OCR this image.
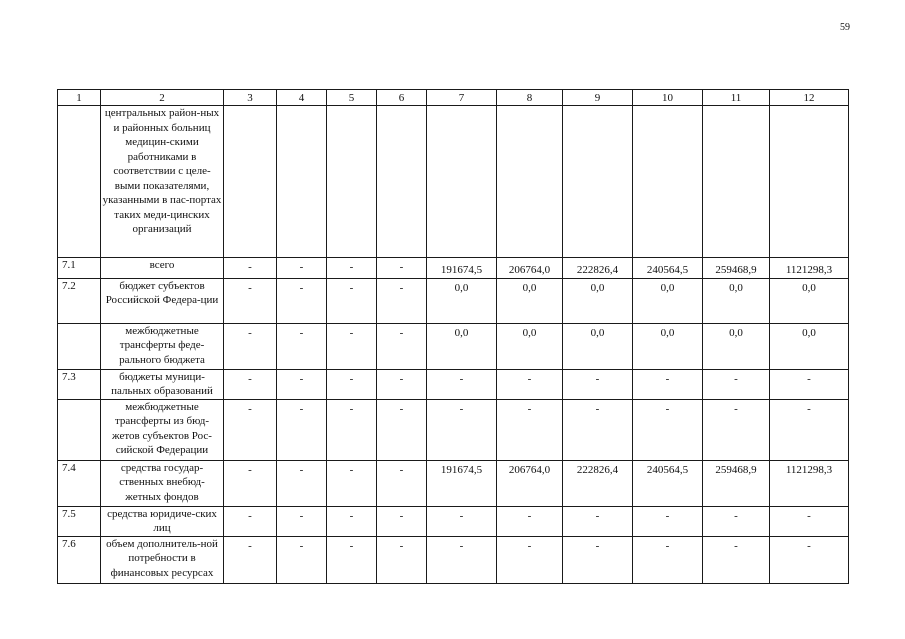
59
1	2	3	4	5	6	7	8	9	10	11	12
	центральных район-ных и районных больниц медицин-скими работниками в соответствии с целе-выми показателями, указанными в пас-портах таких меди-цинских организаций										
7.1	всего	-	-	-	-	191674,5	206764,0	222826,4	240564,5	259468,9	1121298,3
7.2	бюджет субъектов Российской Федера-ции	-	-	-	-	0,0	0,0	0,0	0,0	0,0	0,0
	межбюджетные трансферты феде-рального бюджета	-	-	-	-	0,0	0,0	0,0	0,0	0,0	0,0
7.3	бюджеты муници-пальных образований	-	-	-	-	-	-	-	-	-	-
	межбюджетные трансферты из бюд-жетов субъектов Рос-сийской Федерации	-	-	-	-	-	-	-	-	-	-
7.4	средства государ-ственных внебюд-жетных фондов	-	-	-	-	191674,5	206764,0	222826,4	240564,5	259468,9	1121298,3
7.5	средства юридиче-ских лиц	-	-	-	-	-	-	-	-	-	-
7.6	объем дополнитель-ной потребности в финансовых ресурсах	-	-	-	-	-	-	-	-	-	-
